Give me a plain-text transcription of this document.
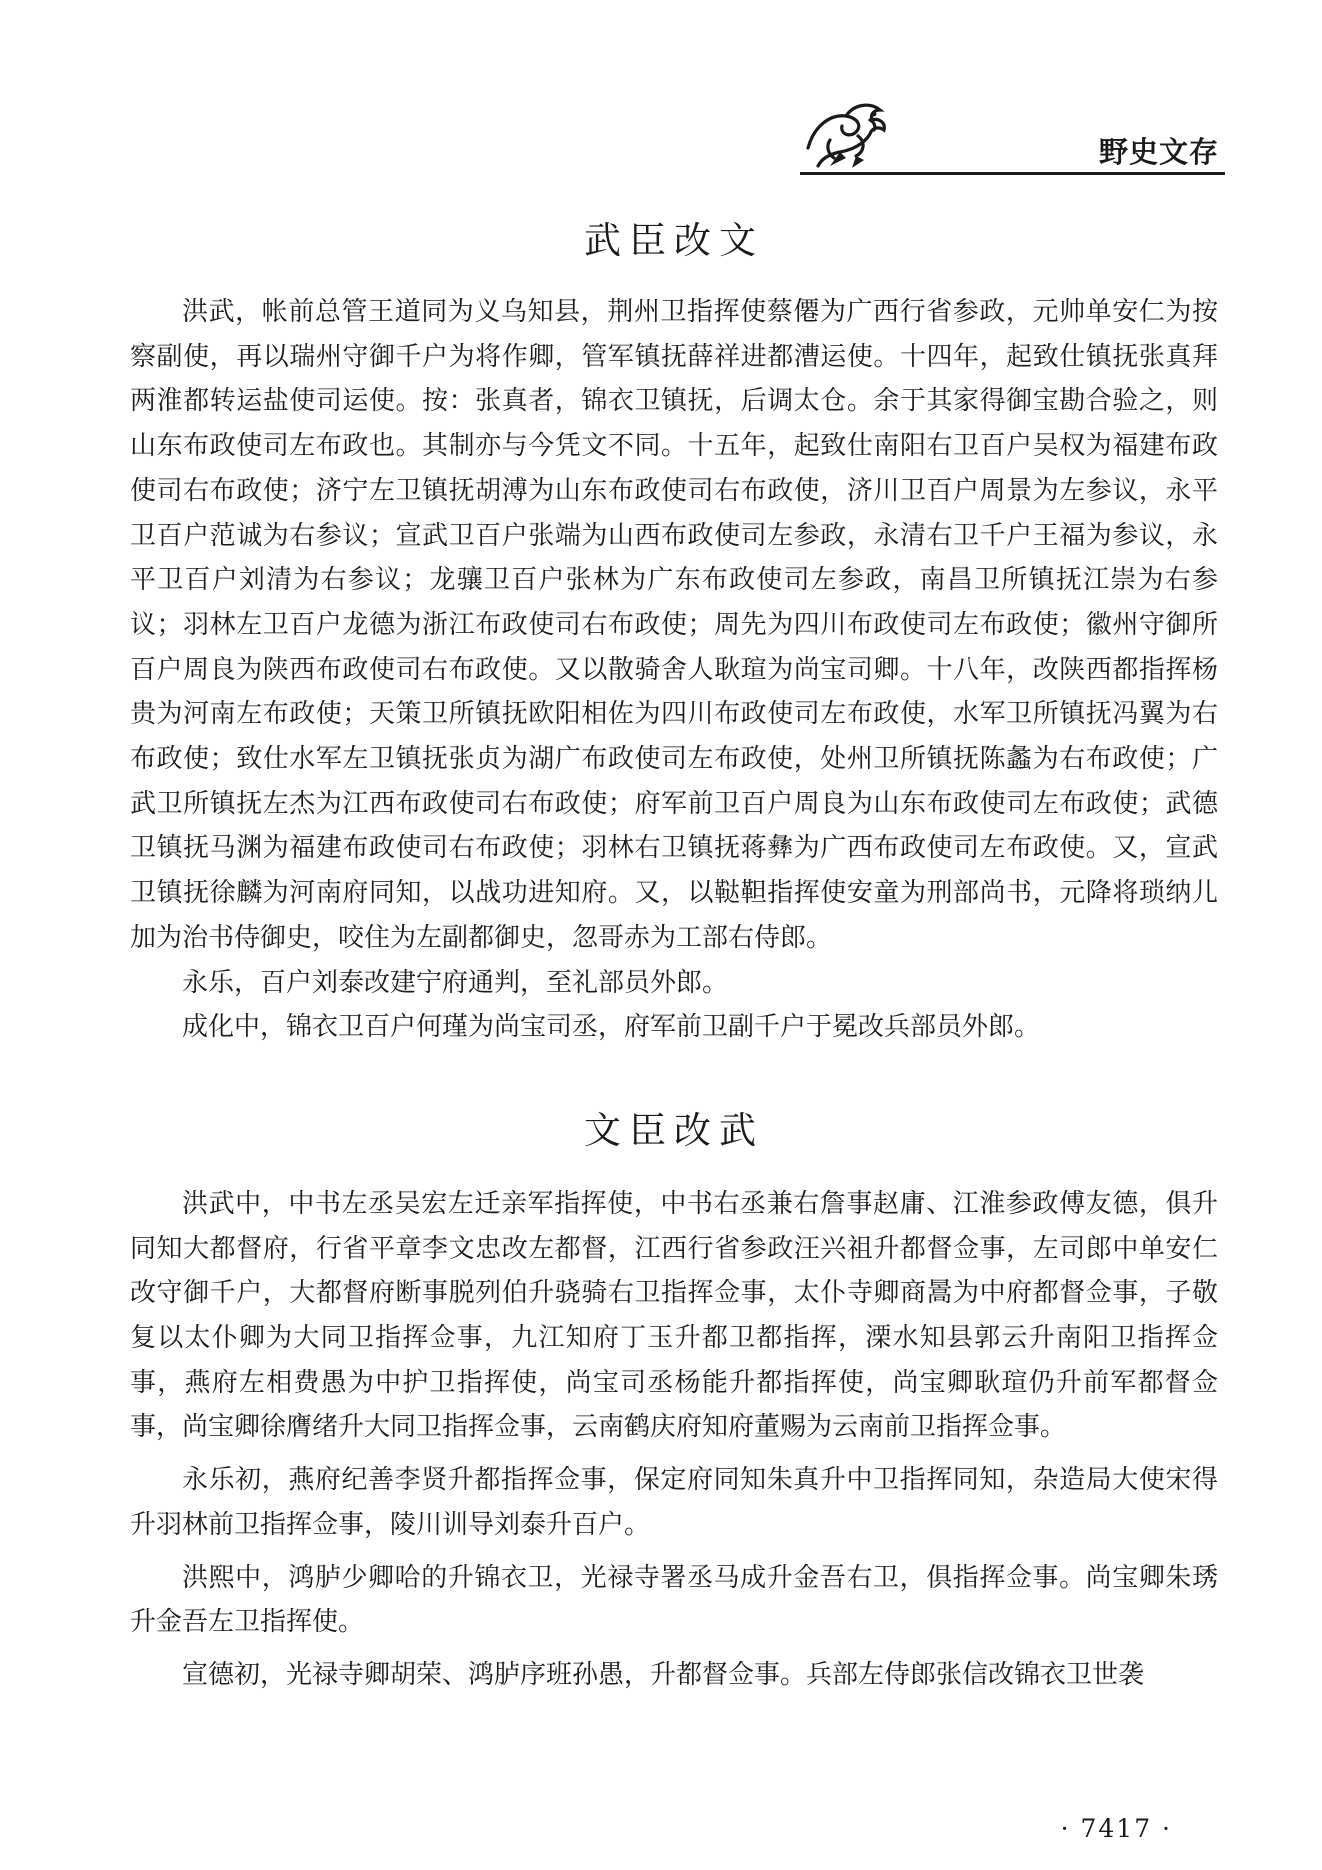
野史文存
武臣改文

洪武，帐前总管王道同为义乌知县，荆州卫指挥使蔡僊为广西行省参政，元帅单安仁为按察副使，再以瑞州守御千户为将作卿，管军镇抚薛祥进都漕运使。十四年，起致仕镇抚张真拜两淮都转运盐使司运使。按：张真者，锦衣卫镇抚，后调太仓。余于其家得御宝勘合验之，则山东布政使司左布政也。其制亦与今凭文不同。十五年，起致仕南阳右卫百户吴权为福建布政使司右布政使；济宁左卫镇抚胡溥为山东布政使司右布政使，济川卫百户周景为左参议，永平卫百户范诚为右参议；宣武卫百户张端为山西布政使司左参政，永清右卫千户王福为参议，永平卫百户刘清为右参议；龙骧卫百户张林为广东布政使司左参政，南昌卫所镇抚江崇为右参议；羽林左卫百户龙德为浙江布政使司右布政使；周先为四川布政使司左布政使；徽州守御所百户周良为陕西布政使司右布政使。又以散骑舍人耿瑄为尚宝司卿。十八年，改陕西都指挥杨贵为河南左布政使；天策卫所镇抚欧阳相佐为四川布政使司左布政使，水军卫所镇抚冯翼为右布政使；致仕水军左卫镇抚张贞为湖广布政使司左布政使，处州卫所镇抚陈蠡为右布政使；广武卫所镇抚左杰为江西布政使司右布政使；府军前卫百户周良为山东布政使司左布政使；武德卫镇抚马渊为福建布政使司右布政使；羽林右卫镇抚蒋彝为广西布政使司左布政使。又，宣武卫镇抚徐麟为河南府同知，以战功进知府。又，以鞑靼指挥使安童为刑部尚书，元降将琐纳儿加为治书侍御史，咬住为左副都御史，忽哥赤为工部右侍郎。

永乐，百户刘泰改建宁府通判，至礼部员外郎。

成化中，锦衣卫百户何瑾为尚宝司丞，府军前卫副千户于冕改兵部员外郎。

文臣改武

洪武中，中书左丞吴宏左迁亲军指挥使，中书右丞兼右詹事赵庸、江淮参政傅友德，俱升同知大都督府，行省平章李文忠改左都督，江西行省参政汪兴祖升都督佥事，左司郎中单安仁改守御千户，大都督府断事脱列伯升骁骑右卫指挥佥事，太仆寺卿商暠为中府都督佥事，子敬复以太仆卿为大同卫指挥佥事，九江知府丁玉升都卫都指挥，溧水知县郭云升南阳卫指挥佥事，燕府左相费愚为中护卫指挥使，尚宝司丞杨能升都指挥使，尚宝卿耿瑄仍升前军都督佥事，尚宝卿徐膺绪升大同卫指挥佥事，云南鹤庆府知府董赐为云南前卫指挥佥事。

永乐初，燕府纪善李贤升都指挥佥事，保定府同知朱真升中卫指挥同知，杂造局大使宋得升羽林前卫指挥佥事，陵川训导刘泰升百户。

洪熙中，鸿胪少卿哈的升锦衣卫，光禄寺署丞马成升金吾右卫，俱指挥佥事。尚宝卿朱琇升金吾左卫指挥使。

宣德初，光禄寺卿胡荣、鸿胪序班孙愚，升都督佥事。兵部左侍郎张信改锦衣卫世袭

· 7417 ·
